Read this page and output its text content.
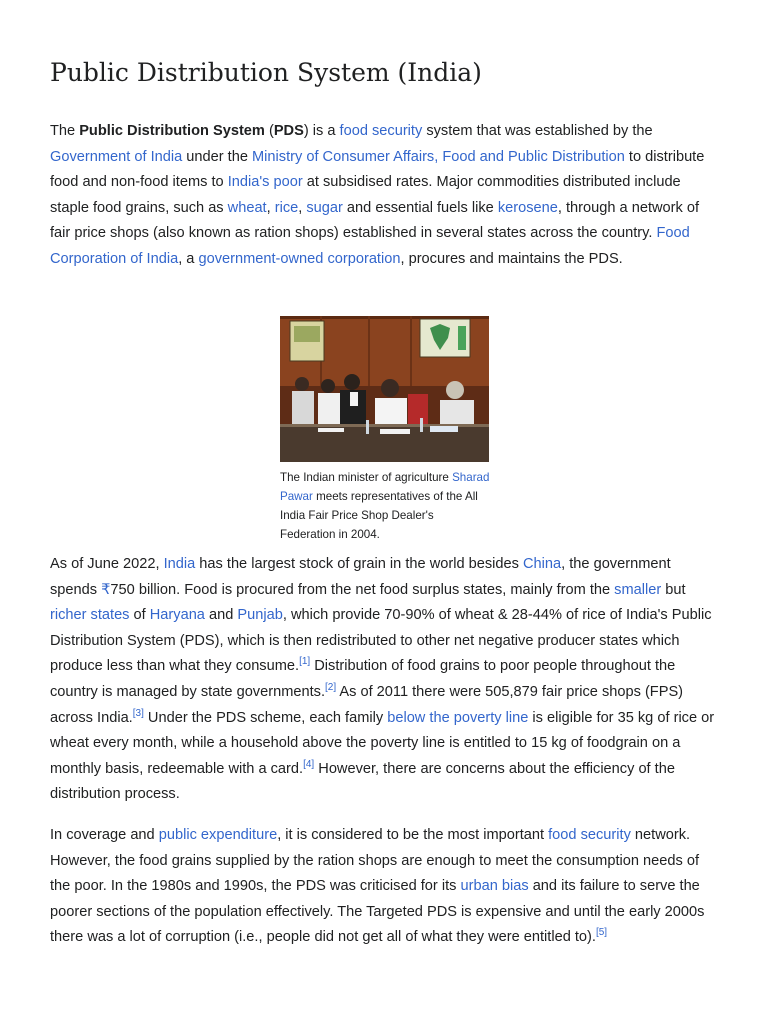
Public Distribution System (India)

The Public Distribution System (PDS) is a food security system that was established by the Government of India under the Ministry of Consumer Affairs, Food and Public Distribution to distribute food and non-food items to India's poor at subsidised rates. Major commodities distributed include staple food grains, such as wheat, rice, sugar and essential fuels like kerosene, through a network of fair price shops (also known as ration shops) established in several states across the country. Food Corporation of India, a government-owned corporation, procures and maintains the PDS.

The Indian minister of agriculture Sharad Pawar meets representatives of the All India Fair Price Shop Dealer's Federation in 2004.

As of June 2022, India has the largest stock of grain in the world besides China, the government spends ₹750 billion. Food is procured from the net food surplus states, mainly from the smaller but richer states of Haryana and Punjab, which provide 70-90% of wheat & 28-44% of rice of India's Public Distribution System (PDS), which is then redistributed to other net negative producer states which produce less than what they consume.[1] Distribution of food grains to poor people throughout the country is managed by state governments.[2] As of 2011 there were 505,879 fair price shops (FPS) across India.[3] Under the PDS scheme, each family below the poverty line is eligible for 35 kg of rice or wheat every month, while a household above the poverty line is entitled to 15 kg of foodgrain on a monthly basis, redeemable with a card.[4] However, there are concerns about the efficiency of the distribution process.

In coverage and public expenditure, it is considered to be the most important food security network. However, the food grains supplied by the ration shops are enough to meet the consumption needs of the poor. In the 1980s and 1990s, the PDS was criticised for its urban bias and its failure to serve the poorer sections of the population effectively. The Targeted PDS is expensive and until the early 2000s there was a lot of corruption (i.e., people did not get all of what they were entitled to).[5]
